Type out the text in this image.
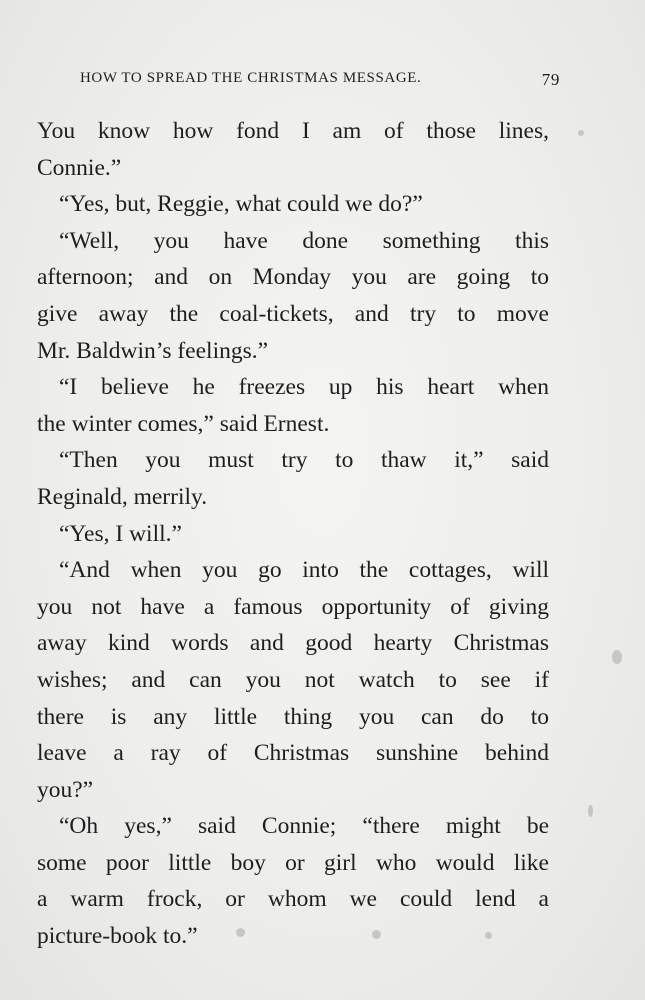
HOW TO SPREAD THE CHRISTMAS MESSAGE.	79
You know how fond I am of those lines,
Connie.”
“Yes, but, Reggie, what could we do?”
“Well, you have done something this
afternoon; and on Monday you are going to
give away the coal-tickets, and try to move
Mr. Baldwin’s feelings.”
“I believe he freezes up his heart when
the winter comes,” said Ernest.
“Then you must try to thaw it,” said
Reginald, merrily.
“Yes, I will.”
“And when you go into the cottages, will
you not have a famous opportunity of giving
away kind words and good hearty Christmas
wishes; and can you not watch to see if
there is any little thing you can do to
leave a ray of Christmas sunshine behind
you?”
“Oh yes,” said Connie; “there might be
some poor little boy or girl who would like
a warm frock, or whom we could lend a
picture-book to.”
